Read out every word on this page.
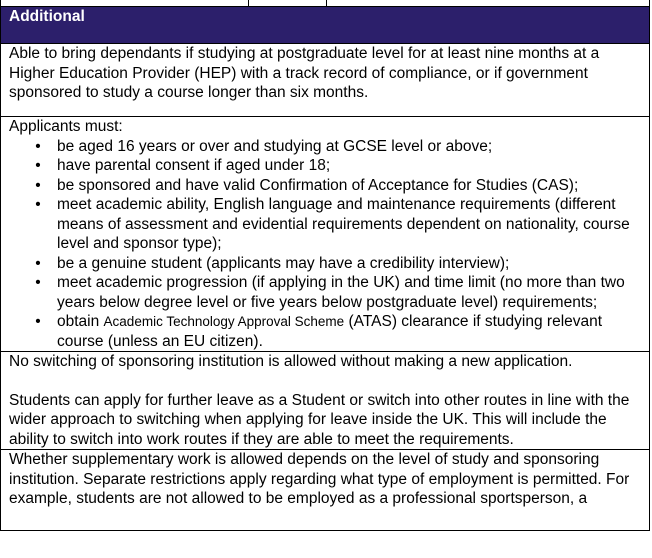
Additional

Able to bring dependants if studying at postgraduate level for at least nine months at a Higher Education Provider (HEP) with a track record of compliance, or if government sponsored to study a course longer than six months.

Applicants must:

• be aged 16 years or over and studying at GCSE level or above;
• have parental consent if aged under 18;
• be sponsored and have valid Confirmation of Acceptance for Studies (CAS);
• meet academic ability, English language and maintenance requirements (different means of assessment and evidential requirements dependent on nationality, course level and sponsor type);
• be a genuine student (applicants may have a credibility interview);
• meet academic progression (if applying in the UK) and time limit (no more than two years below degree level or five years below postgraduate level) requirements;
• obtain Academic Technology Approval Scheme (ATAS) clearance if studying relevant course (unless an EU citizen).

No switching of sponsoring institution is allowed without making a new application.

Students can apply for further leave as a Student or switch into other routes in line with the wider approach to switching when applying for leave inside the UK. This will include the ability to switch into work routes if they are able to meet the requirements.

Whether supplementary work is allowed depends on the level of study and sponsoring institution. Separate restrictions apply regarding what type of employment is permitted. For example, students are not allowed to be employed as a professional sportsperson, a
